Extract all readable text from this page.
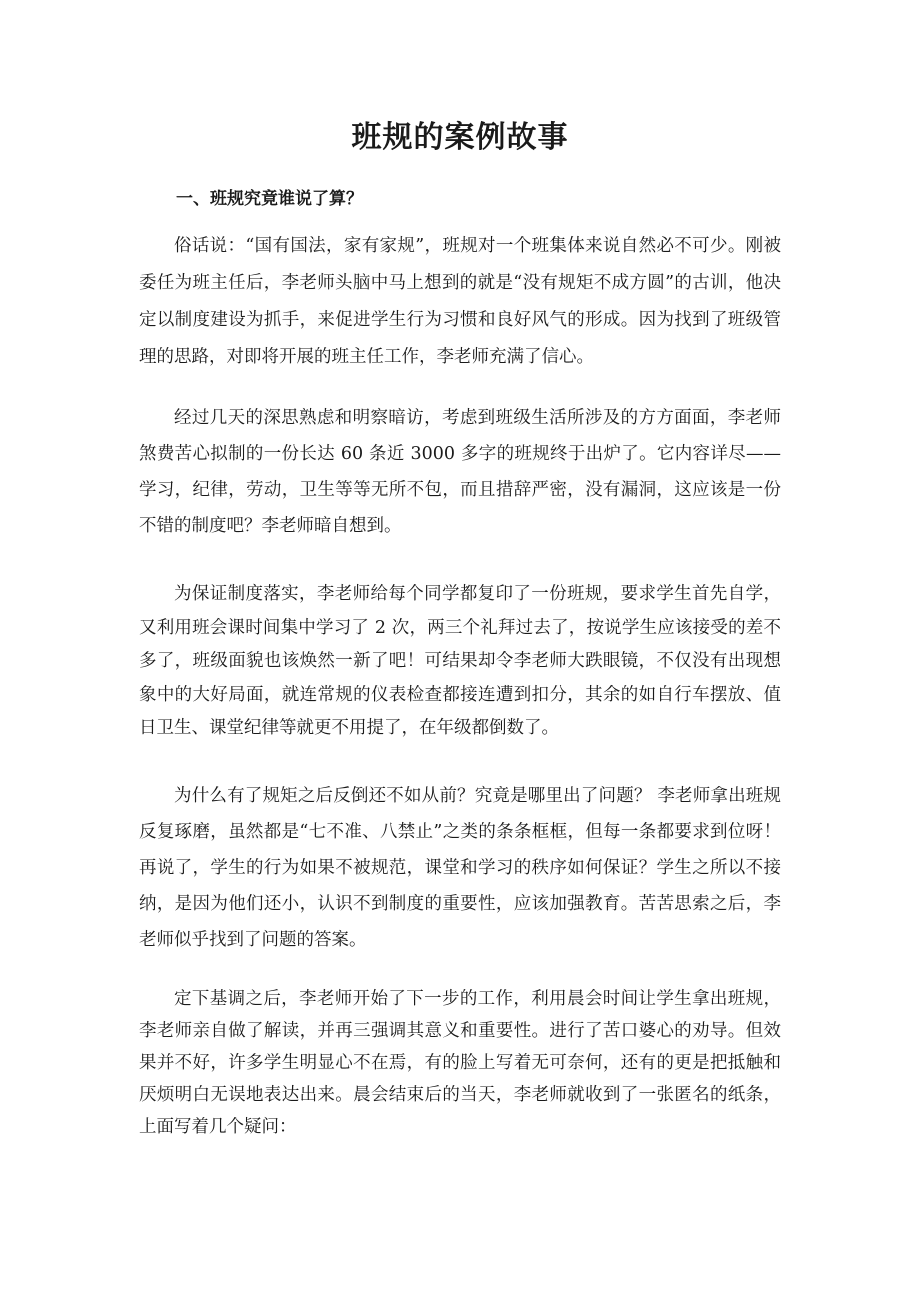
班规的案例故事
一、班规究竟谁说了算？
俗话说：“国有国法，家有家规”，班规对一个班集体来说自然必不可少。刚被委任为班主任后，李老师头脑中马上想到的就是“没有规矩不成方圆”的古训，他决定以制度建设为抓手，来促进学生行为习惯和良好风气的形成。因为找到了班级管理的思路，对即将开展的班主任工作，李老师充满了信心。
经过几天的深思熟虑和明察暗访，考虑到班级生活所涉及的方方面面，李老师煞费苦心拟制的一份长达 60 条近 3000 多字的班规终于出炉了。它内容详尽——学习，纪律，劳动，卫生等等无所不包，而且措辞严密，没有漏洞，这应该是一份不错的制度吧？李老师暗自想到。
为保证制度落实，李老师给每个同学都复印了一份班规，要求学生首先自学，又利用班会课时间集中学习了 2 次，两三个礼拜过去了，按说学生应该接受的差不多了，班级面貌也该焕然一新了吧！可结果却令李老师大跌眼镜，不仅没有出现想象中的大好局面，就连常规的仪表检查都接连遭到扣分，其余的如自行车摆放、值日卫生、课堂纪律等就更不用提了，在年级都倒数了。
为什么有了规矩之后反倒还不如从前？究竟是哪里出了问题？ 李老师拿出班规反复琢磨，虽然都是“七不准、八禁止”之类的条条框框，但每一条都要求到位呀！再说了，学生的行为如果不被规范，课堂和学习的秩序如何保证？学生之所以不接纳，是因为他们还小，认识不到制度的重要性，应该加强教育。苦苦思索之后，李老师似乎找到了问题的答案。
定下基调之后，李老师开始了下一步的工作，利用晨会时间让学生拿出班规，李老师亲自做了解读，并再三强调其意义和重要性。进行了苦口婆心的劝导。但效果并不好，许多学生明显心不在焉，有的脸上写着无可奈何，还有的更是把抵触和厌烦明白无误地表达出来。晨会结束后的当天，李老师就收到了一张匿名的纸条，上面写着几个疑问：
